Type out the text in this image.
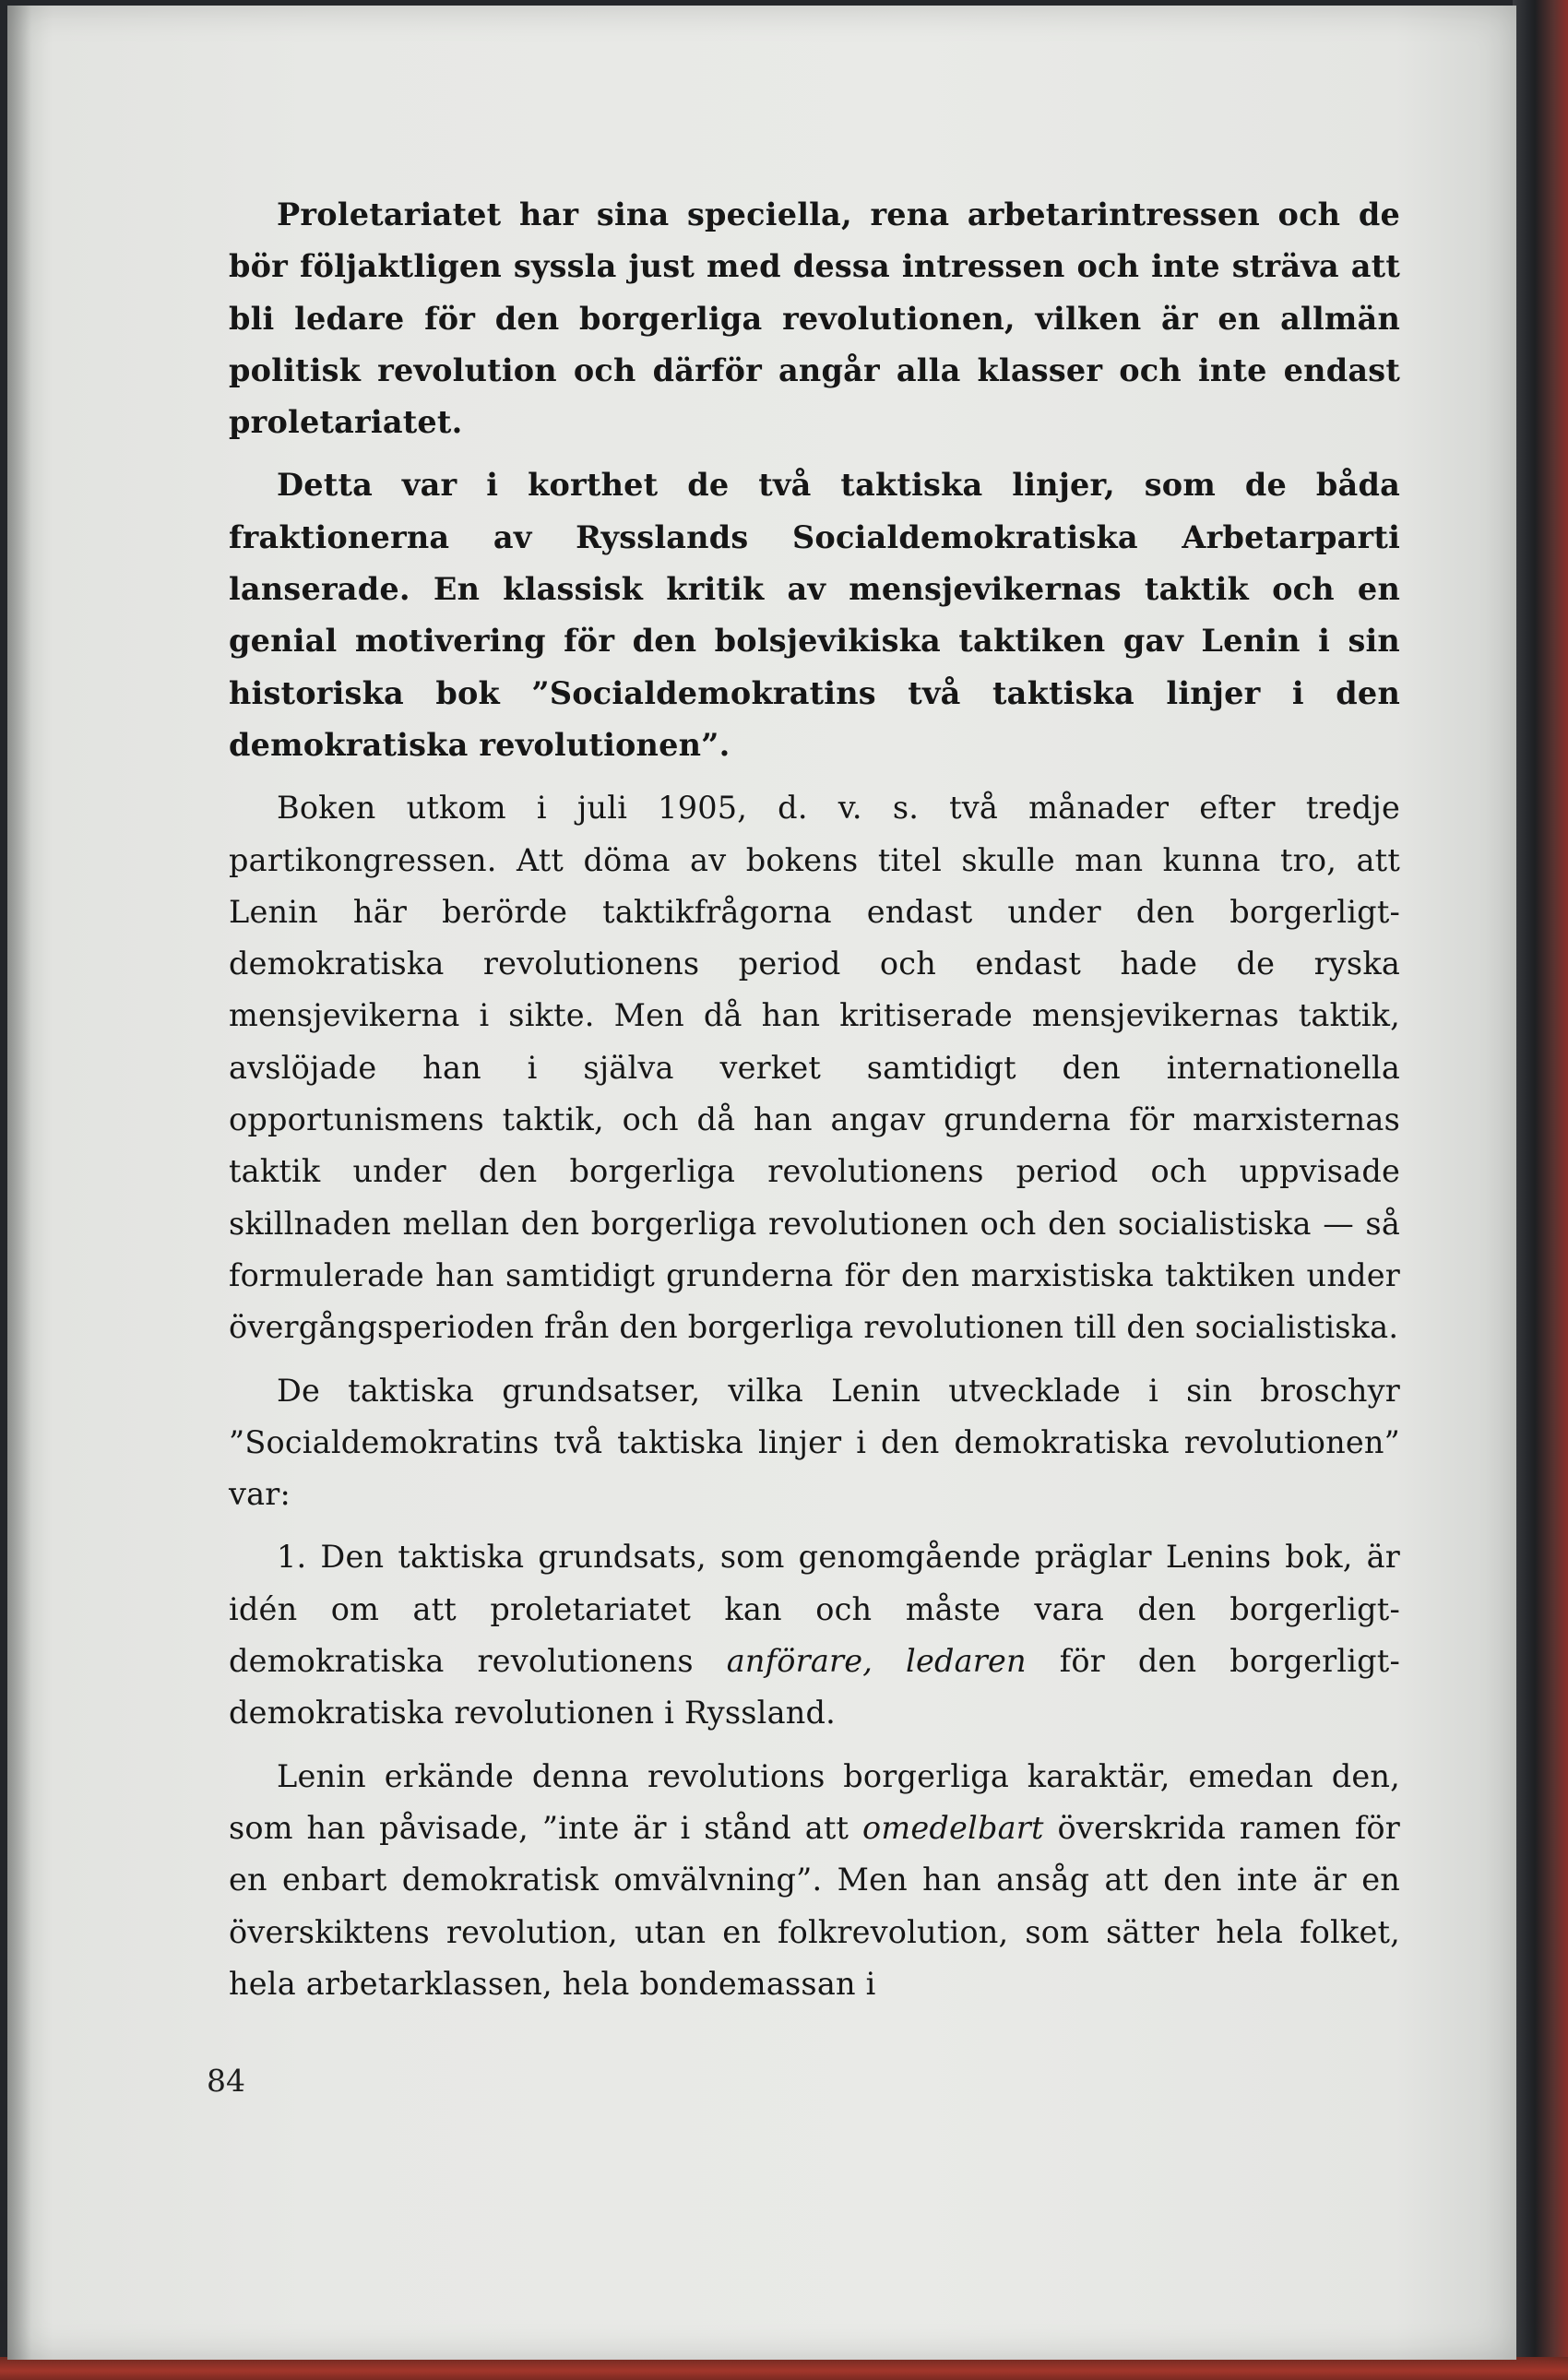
Proletariatet har sina speciella, rena arbetarintressen och de bör följaktligen syssla just med dessa intressen och inte sträva att bli ledare för den borgerliga revolutionen, vilken är en allmän politisk revolution och därför angår alla klasser och inte endast proletariatet.

Detta var i korthet de två taktiska linjer, som de båda fraktionerna av Rysslands Socialdemokratiska Arbetarparti lanserade. En klassisk kritik av mensjevikernas taktik och en genial motivering för den bolsjevikiska taktiken gav Lenin i sin historiska bok ”Socialdemokratins två taktiska linjer i den demokratiska revolutionen”.

Boken utkom i juli 1905, d. v. s. två månader efter tredje partikongressen. Att döma av bokens titel skulle man kunna tro, att Lenin här berörde taktikfrågorna endast under den borgerligt-demokratiska revolutionens period och endast hade de ryska mensjevikerna i sikte. Men då han kritiserade mensjevikernas taktik, avslöjade han i själva verket samtidigt den internationella opportunismens taktik, och då han angav grunderna för marxisternas taktik under den borgerliga revolutionens period och uppvisade skillnaden mellan den borgerliga revolutionen och den socialistiska — så formulerade han samtidigt grunderna för den marxistiska taktiken under övergångsperioden från den borgerliga revolutionen till den socialistiska.

De taktiska grundsatser, vilka Lenin utvecklade i sin broschyr ”Socialdemokratins två taktiska linjer i den demokratiska revolutionen” var:

1. Den taktiska grundsats, som genomgående präglar Lenins bok, är idén om att proletariatet kan och måste vara den borgerligt-demokratiska revolutionens anförare, ledaren för den borgerligt-demokratiska revolutionen i Ryssland.

Lenin erkände denna revolutions borgerliga karaktär, emedan den, som han påvisade, ”inte är i stånd att omedelbart överskrida ramen för en enbart demokratisk omvälvning”. Men han ansåg att den inte är en överskiktens revolution, utan en folkrevolution, som sätter hela folket, hela arbetarklassen, hela bondemassan i

84
